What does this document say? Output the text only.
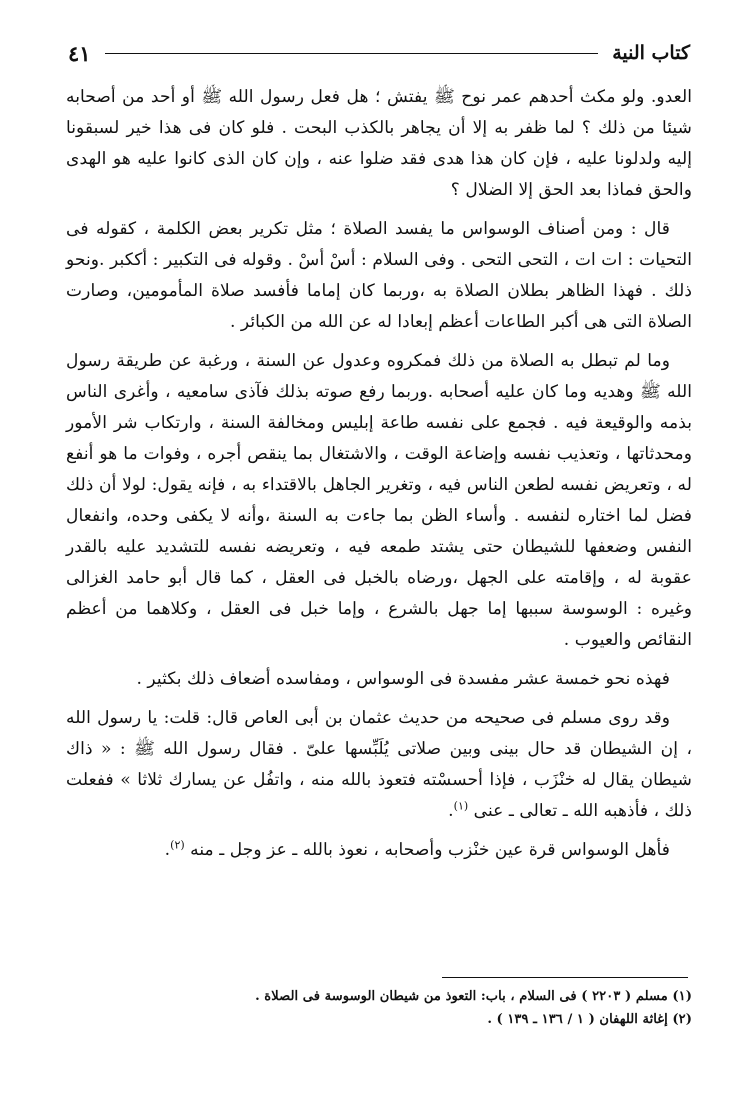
كتاب النية
٤١

العدو. ولو مكث أحدهم عمر نوح ﷺ يفتش ؛ هل فعل رسول الله ﷺ أو أحد من أصحابه شيئا من ذلك ؟ لما ظفر به إلا أن يجاهر بالكذب البحت . فلو كان فى هذا خير لسبقونا إليه ولدلونا عليه ، فإن كان هذا هدى فقد ضلوا عنه ، وإن كان الذى كانوا عليه هو الهدى والحق فماذا بعد الحق إلا الضلال ؟

قال : ومن أصناف الوسواس ما يفسد الصلاة ؛ مثل تكرير بعض الكلمة ، كقوله فى التحيات : ات ات ، التحى التحى . وفى السلام : أسْ أسْ . وقوله فى التكبير : أككبر .ونحو ذلك . فهذا الظاهر بطلان الصلاة به ،وربما كان إماما فأفسد صلاة المأمومين، وصارت الصلاة التى هى أكبر الطاعات أعظم إبعادا له عن الله من الكبائر .

وما لم تبطل به الصلاة من ذلك فمكروه وعدول عن السنة ، ورغبة عن طريقة رسول الله ﷺ وهديه وما كان عليه أصحابه .وربما رفع صوته بذلك فآذى سامعيه ، وأغرى الناس بذمه والوقيعة فيه . فجمع على نفسه طاعة إبليس ومخالفة السنة ، وارتكاب شر الأمور ومحدثاتها ، وتعذيب نفسه وإضاعة الوقت ، والاشتغال بما ينقص أجره ، وفوات ما هو أنفع له ، وتعريض نفسه لطعن الناس فيه ، وتغرير الجاهل بالاقتداء به ، فإنه يقول: لولا أن ذلك فضل لما اختاره لنفسه . وأساء الظن بما جاءت به السنة ،وأنه لا يكفى وحده، وانفعال النفس وضعفها للشيطان حتى يشتد طمعه فيه ، وتعريضه نفسه للتشديد عليه بالقدر عقوبة له ، وإقامته على الجهل ،ورضاه بالخبل فى العقل ، كما قال أبو حامد الغزالى وغيره : الوسوسة سببها إما جهل بالشرع ، وإما خبل فى العقل ، وكلاهما من أعظم النقائص والعيوب .

فهذه نحو خمسة عشر مفسدة فى الوسواس ، ومفاسده أضعاف ذلك بكثير .

وقد روى مسلم فى صحيحه من حديث عثمان بن أبى العاص قال: قلت: يا رسول الله ، إن الشيطان قد حال بينى وبين صلاتى يُلَبِّسها علىّ . فقال رسول الله ﷺ : « ذاك شيطان يقال له خنْزَب ، فإذا أحسسْته فتعوذ بالله منه ، واتفُل عن يسارك ثلاثا » ففعلت ذلك ، فأذهبه الله ـ تعالى ـ عنى $^{(١)}$.

فأهل الوسواس قرة عين خنْزب وأصحابه ، نعوذ بالله ـ عز وجل ـ منه $^{(٢)}$.

(١) مسلم ( ٢٢٠٣ ) فى السلام ، باب: التعوذ من شيطان الوسوسة فى الصلاة .

(٢) إغاثة اللهفان ( ١ / ١٣٦ ـ ١٣٩ ) .
